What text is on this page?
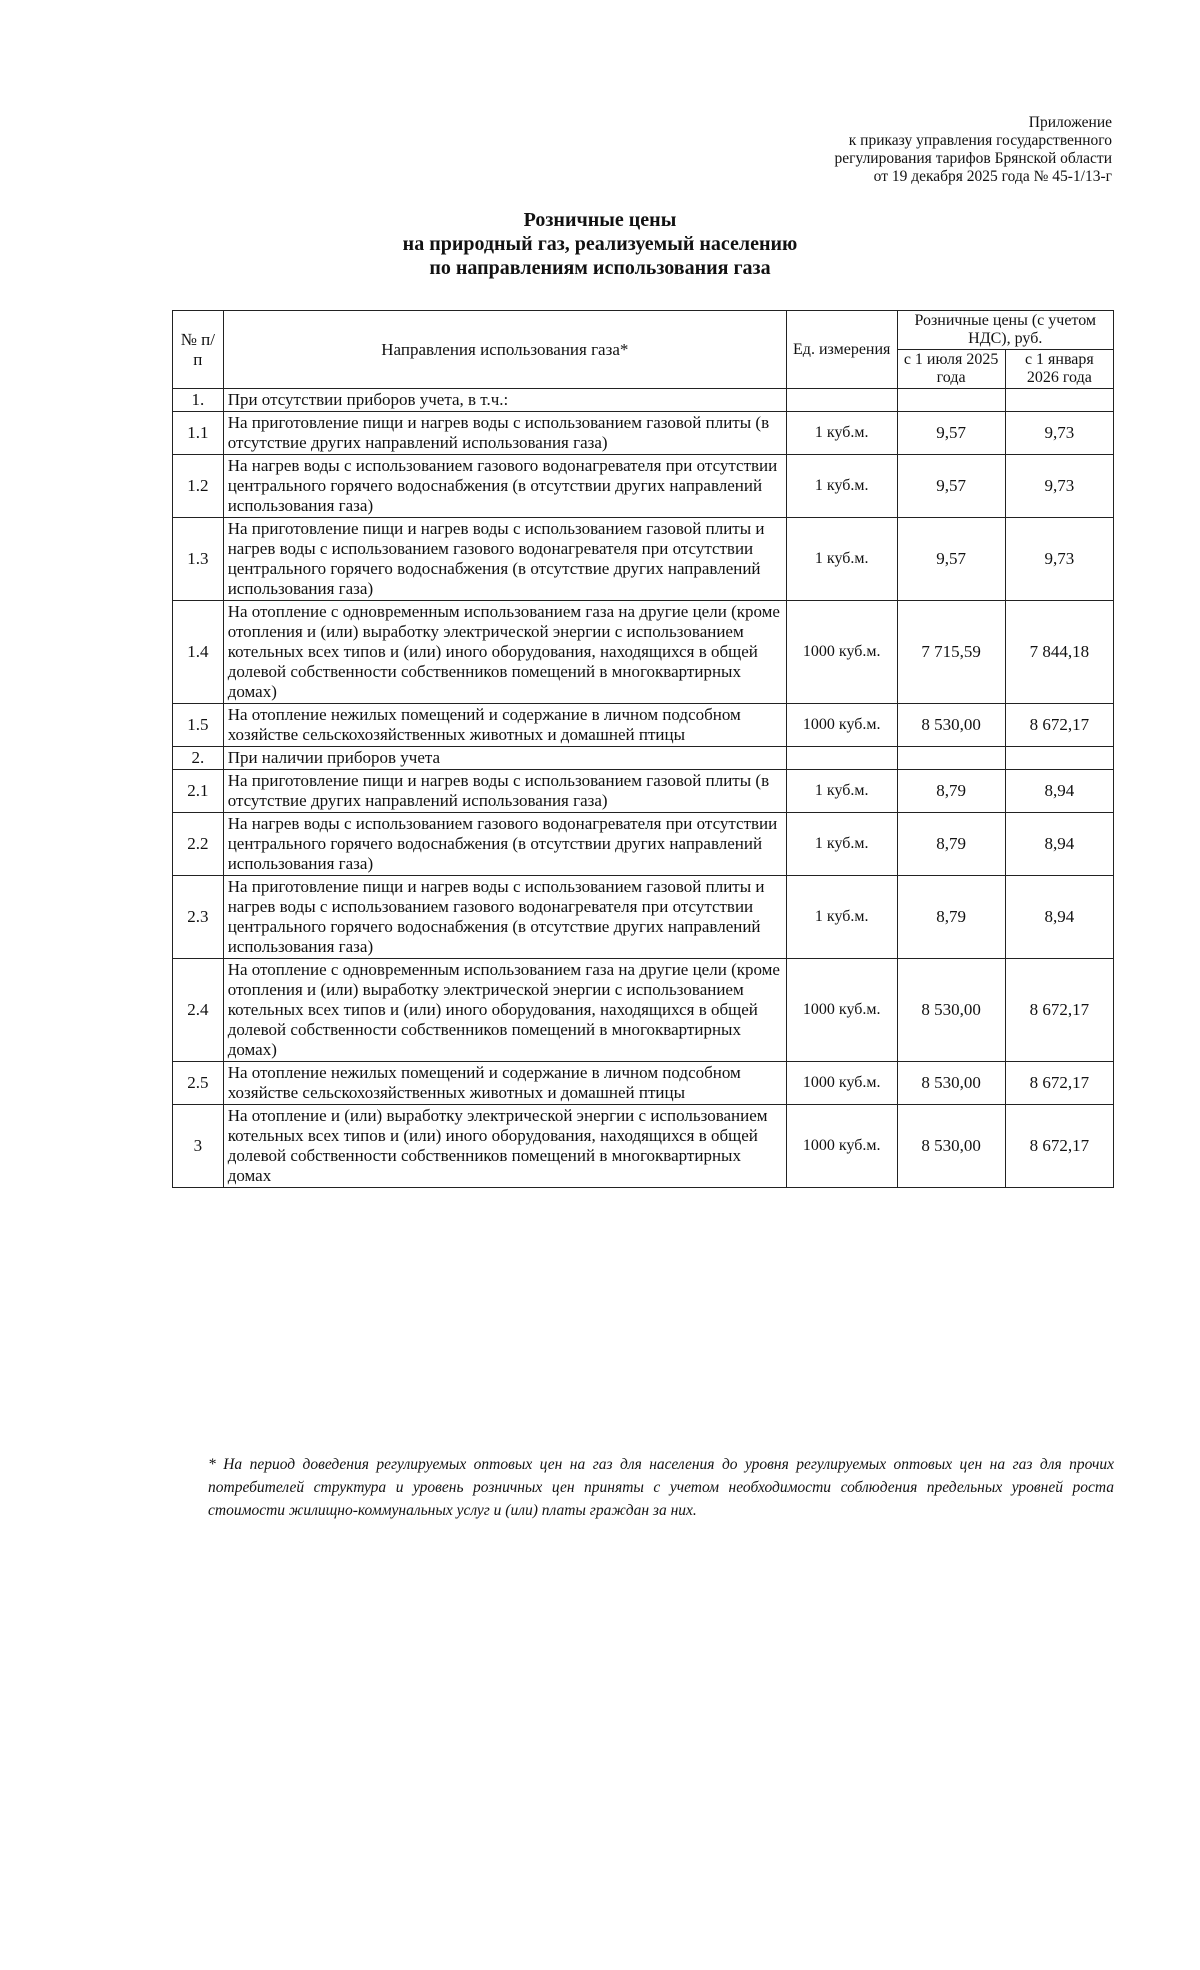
Приложение
к приказу управления государственного
регулирования тарифов Брянской области
от 19 декабря 2025 года № 45-1/13-г
Розничные цены
на природный газ, реализуемый населению
по направлениям использования газа
№ п/п	Направления использования газа*	Ед. измерения	Розничные цены (с учетом НДС), руб.	
			с 1 июля 2025 года	с 1 января 2026 года
1.	При отсутствии приборов учета, в т.ч.:			
1.1	На приготовление пищи и нагрев воды с использованием газовой плиты (в отсутствие других направлений использования газа)	1 куб.м.	9,57	9,73
1.2	На нагрев воды с использованием газового водонагревателя при отсутствии центрального горячего водоснабжения (в отсутствии других направлений использования газа)	1 куб.м.	9,57	9,73
1.3	На приготовление пищи и нагрев воды с использованием газовой плиты и нагрев воды с использованием газового водонагревателя при отсутствии центрального горячего водоснабжения (в отсутствие других направлений использования газа)	1 куб.м.	9,57	9,73
1.4	На отопление с одновременным использованием газа на другие цели (кроме отопления и (или) выработку электрической энергии с использованием котельных всех типов и (или) иного оборудования, находящихся в общей долевой собственности собственников помещений в многоквартирных домах)	1000 куб.м.	7 715,59	7 844,18
1.5	На отопление нежилых помещений и содержание в личном подсобном хозяйстве сельскохозяйственных животных и домашней птицы	1000 куб.м.	8 530,00	8 672,17
2.	При наличии приборов учета			
2.1	На приготовление пищи и нагрев воды с использованием газовой плиты (в отсутствие других направлений использования газа)	1 куб.м.	8,79	8,94
2.2	На нагрев воды с использованием газового водонагревателя при отсутствии центрального горячего водоснабжения (в отсутствии других направлений использования газа)	1 куб.м.	8,79	8,94
2.3	На приготовление пищи и нагрев воды с использованием газовой плиты и нагрев воды с использованием газового водонагревателя при отсутствии центрального горячего водоснабжения (в отсутствие других направлений использования газа)	1 куб.м.	8,79	8,94
2.4	На отопление с одновременным использованием газа на другие цели (кроме отопления и (или) выработку электрической энергии с использованием котельных всех типов и (или) иного оборудования, находящихся в общей долевой собственности собственников помещений в многоквартирных домах)	1000 куб.м.	8 530,00	8 672,17
2.5	На отопление нежилых помещений и содержание в личном подсобном хозяйстве сельскохозяйственных животных и домашней птицы	1000 куб.м.	8 530,00	8 672,17
3	На отопление и (или) выработку электрической энергии с использованием котельных всех типов и (или) иного оборудования, находящихся в общей долевой собственности собственников помещений в многоквартирных домах	1000 куб.м.	8 530,00	8 672,17
* На период доведения регулируемых оптовых цен на газ для населения до уровня регулируемых оптовых цен на газ для прочих потребителей структура и уровень розничных цен приняты с учетом необходимости соблюдения предельных уровней роста стоимости жилищно-коммунальных услуг и (или) платы граждан за них.
